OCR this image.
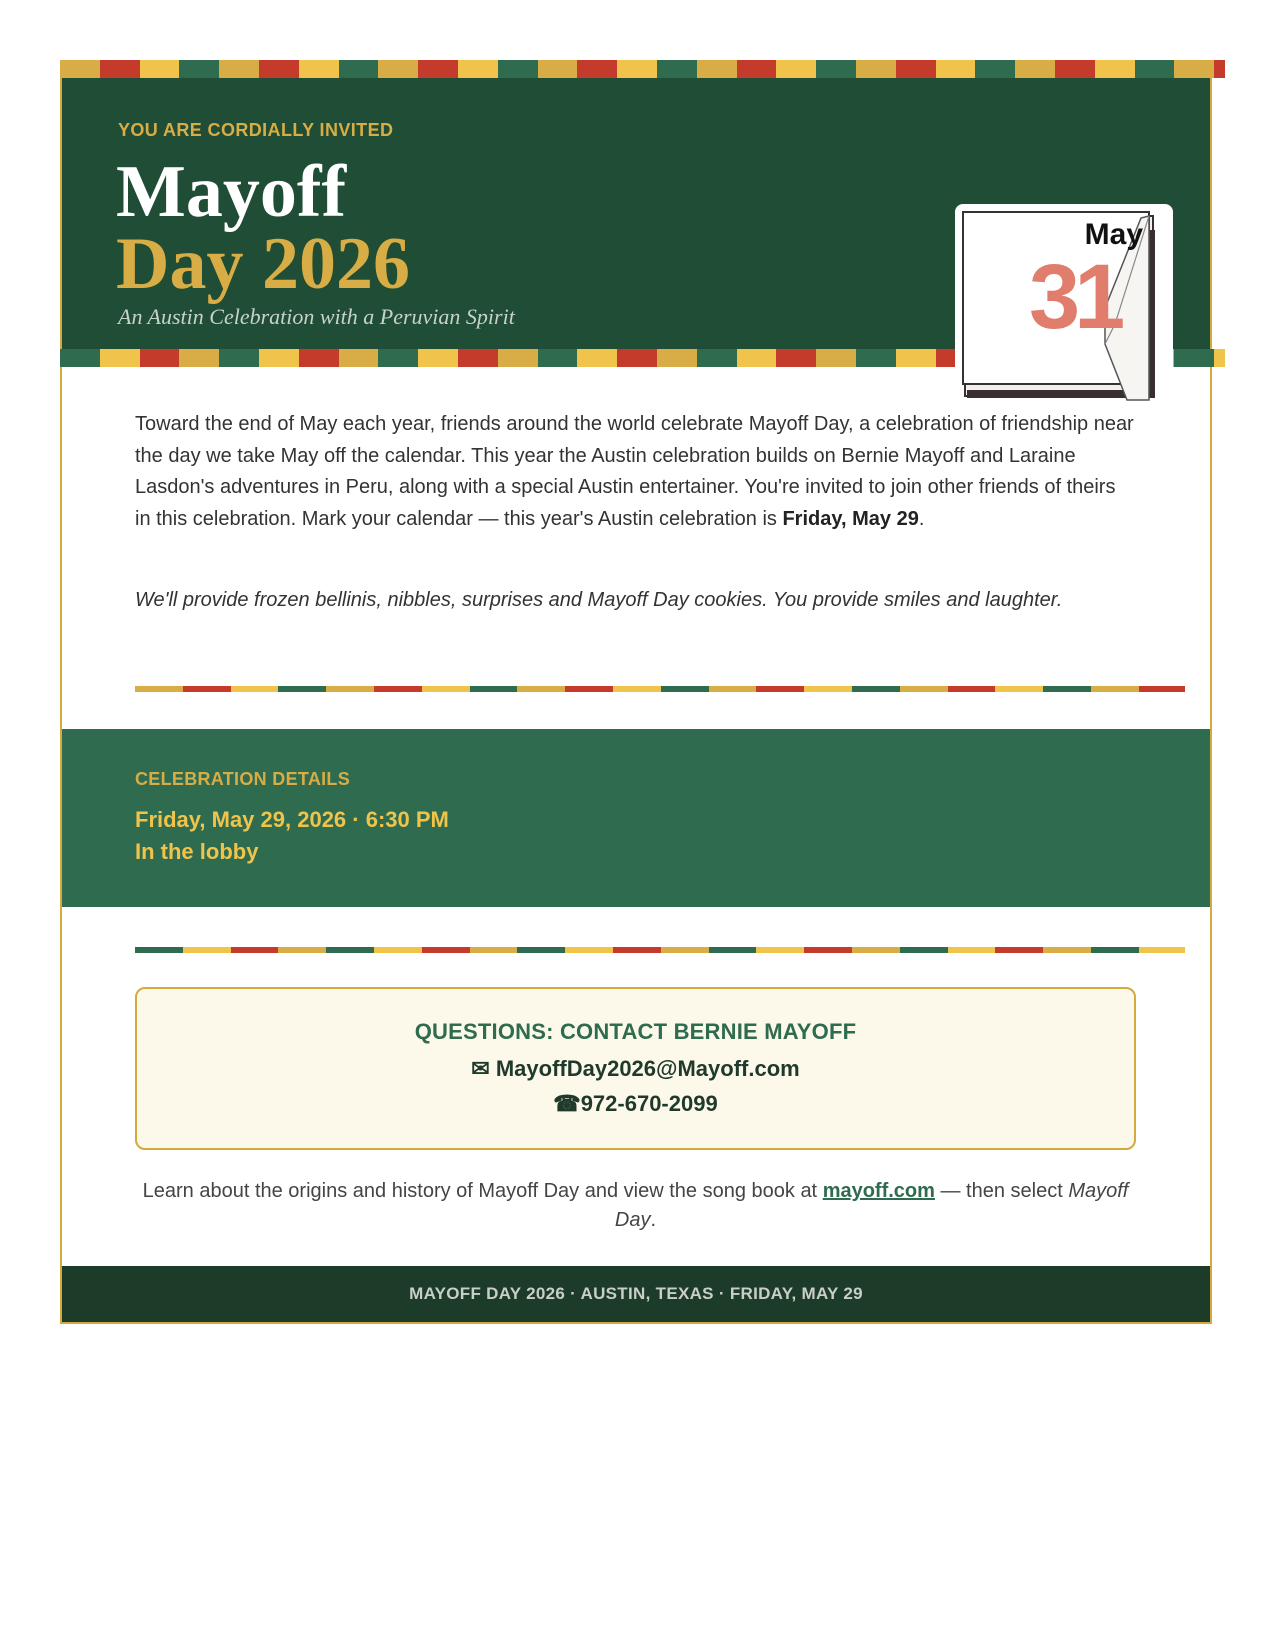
YOU ARE CORDIALLY INVITED
Mayoff
Day 2026
An Austin Celebration with a Peruvian Spirit
May
31
Toward the end of May each year, friends around the world celebrate Mayoff Day, a celebration of friendship near the day we take May off the calendar. This year the Austin celebration builds on Bernie Mayoff and Laraine Lasdon's adventures in Peru, along with a special Austin entertainer. You're invited to join other friends of theirs in this celebration. Mark your calendar — this year's Austin celebration is Friday, May 29.
We'll provide frozen bellinis, nibbles, surprises and Mayoff Day cookies. You provide smiles and laughter.
CELEBRATION DETAILS
Friday, May 29, 2026 · 6:30 PM
In the lobby
QUESTIONS: CONTACT BERNIE MAYOFF
✉ MayoffDay2026@Mayoff.com
☎972-670-2099
Learn about the origins and history of Mayoff Day and view the song book at mayoff.com — then select Mayoff Day.
MAYOFF DAY 2026 · AUSTIN, TEXAS · FRIDAY, MAY 29
